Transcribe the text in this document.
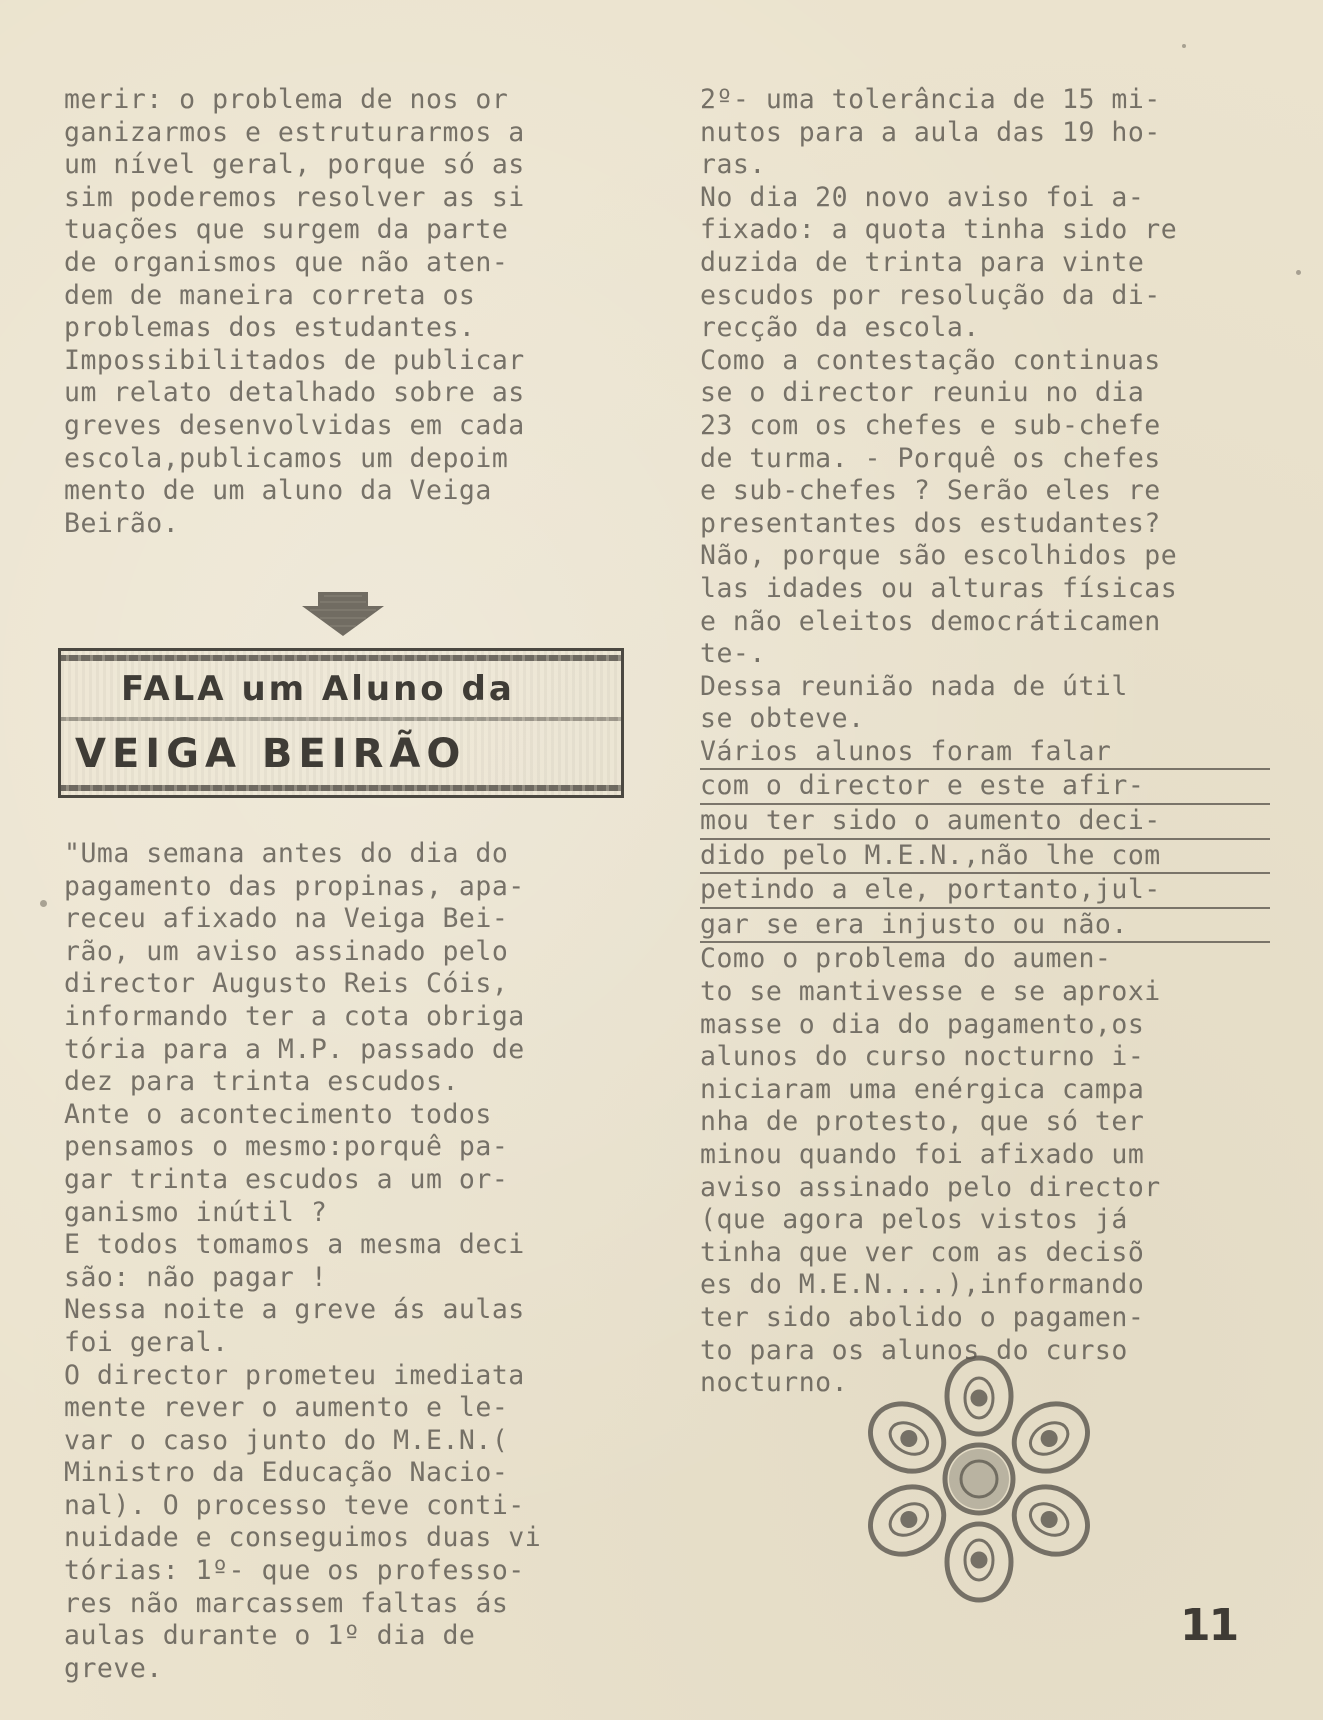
merir: o problema de nos or
ganizarmos e estruturarmos a
um nível geral, porque só as
sim poderemos resolver as si
tuações que surgem da parte
de organismos que não aten-
dem de maneira correta os
problemas dos estudantes.
Impossibilitados de publicar
um relato detalhado sobre as
greves desenvolvidas em cada
escola,publicamos um depoim
mento de um aluno da Veiga
Beirão.
FALA um Aluno da
VEIGA BEIRÃO
"Uma semana antes do dia do
pagamento das propinas, apa-
receu afixado na Veiga Bei-
rão, um aviso assinado pelo
director Augusto Reis Cóis,
informando ter a cota obriga
tória para a M.P. passado de
dez para trinta escudos.
Ante o acontecimento todos
pensamos o mesmo:porquê pa-
gar trinta escudos a um or-
ganismo inútil ?
E todos tomamos a mesma deci
são: não pagar !
Nessa noite a greve ás aulas
foi geral.
O director prometeu imediata
mente rever o aumento e le-
var o caso junto do M.E.N.(
Ministro da Educação Nacio-
nal). O processo teve conti-
nuidade e conseguimos duas vi
tórias: 1º- que os professo-
res não marcassem faltas ás
aulas durante o 1º dia de
greve.
2º- uma tolerância de 15 mi-
nutos para a aula das 19 ho-
ras.
No dia 20 novo aviso foi a-
fixado: a quota tinha sido re
duzida de trinta para vinte
escudos por resolução da di-
recção da escola.
Como a contestação continuas
se o director reuniu no dia
23 com os chefes e sub-chefe
de turma. - Porquê os chefes
e sub-chefes ? Serão eles re
presentantes dos estudantes?
Não, porque são escolhidos pe
las idades ou alturas físicas
e não eleitos democráticamen
te-.
Dessa reunião nada de útil
se obteve.
Vários alunos foram falar
com o director e este afir-
mou ter sido o aumento deci-
dido pelo M.E.N.,não lhe com
petindo a ele, portanto,jul-
gar se era injusto ou não.
Como o problema do aumen-
to se mantivesse e se aproxi
masse o dia do pagamento,os
alunos do curso nocturno i-
niciaram uma enérgica campa
nha de protesto, que só ter
minou quando foi afixado um
aviso assinado pelo director
(que agora pelos vistos já
tinha que ver com as decisõ
es do M.E.N....),informando
ter sido abolido o pagamen-
to para os alunos do curso
nocturno.
11
